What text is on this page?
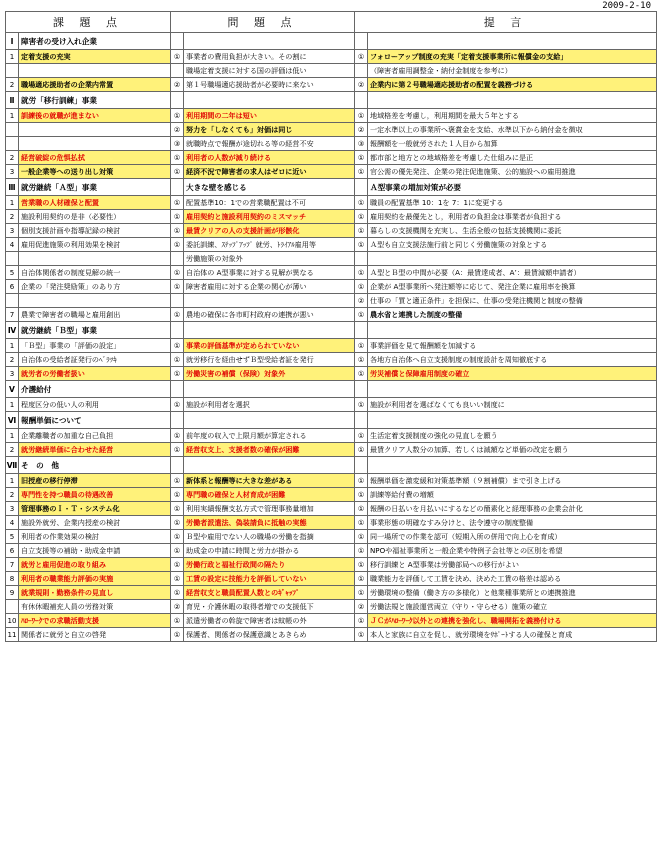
2009-2-10
課 題 点		問 題 点		提 言	
Ⅰ	障害者の受け入れ企業				
1	定着支援の充実	①	事業者の費用負担が大きい。その割に	①	フォローアップ制度の充実「定着支援事業所に報償金の支給」
			職場定着支援に対する国の評価は低い		（障害者雇用調整金・納付金制度を参考に）
2	職場適応援助者の企業内常置	②	第１号職場適応援助者が必要時に来ない	②	企業内に第２号職場適応援助者の配置を義務づける
Ⅱ	就労「移行訓練」事業				
1	訓練後の就職が進まない	①	利用期間の二年は短い	①	地域格差を考慮し，利用期間を最大５年とする
		②	努力を「しなくても」対価は同じ	②	一定水準以上の事業所へ褒賞金を支給、水準以下から納付金を徴収
		③	就職時点で報酬が途切れる等の経営不安	③	報酬額を一般就労された１人目から加算
2	経営破綻の危惧払拭	①	利用者の人数が減り続ける	①	都市部と地方との地域格差を考慮した仕組みに是正
3	一般企業等への送り出し対策	①	経済不況で障害者の求人はゼロに近い	①	官公需の優先発注、企業の発注促進施策、公的施設への雇用推進
Ⅲ	就労継続「Ａ型」事業		大きな壁を感じる		Ａ型事業の増加対策が必要
1	営業職の人材確保と配置	①	配置基準10：1での営業職配置は不可	①	職員の配置基準 10：1を 7：1に変更する
2	施設利用契約の是非（必要性）	①	雇用契約と施設利用契約のミスマッチ	①	雇用契約を最優先とし，利用者の負担金は事業者が負担する
3	個別支援計画や指導記録の検討	①	最賃クリアの人の支援計画が形骸化	①	暮らしの支援機関を充実し、生活全般の包括支援機関に委託
4	雇用促進施策の利用効果を検討	①	委託訓練、ｽﾃｯﾌﾟｱｯﾌﾟ 就労、ﾄﾗｲｱﾙ雇用等	①	Ａ型も自立支援法施行前と同じく労働施策の対象とする
			労働施策の対象外		
5	自治体関係者の制度見解の統一	①	自治体の A型事業に対する見解が異なる	①	Ａ型とＢ型の中間が必要（A：最賃達成者、A’：最賃減額申請者）
6	企業の「発注奨励策」のあり方	①	障害者雇用に対する企業の関心が薄い	①	企業が A型事業所へ発注額等に応じて、発注企業に雇用率を換算
				②	仕事の「質と適正条件」を担保に、仕事の受発注機関と制度の整備
7	農業で障害者の職場と雇用創出	①	農地の確保に各市町村政府の連携が悪い	①	農水省と連携した制度の整備
Ⅳ	就労継続「Ｂ型」事業				
1	「Ｂ型」事業の「評価の設定」	①	事業の評価基準が定められていない	①	事業評価を見て報酬額を加減する
2	自治体の受給者証発行のﾍﾞﾗﾂｷ	①	就労移行を経由せずＢ型受給者証を発行	①	各地方自治体へ自立支援制度の制度設計を周知徹底する
3	就労者の労働者扱い	①	労働災害の補償（保険）対象外	①	労災補償と保障雇用制度の確立
Ⅴ	介護給付				
1	程度区分の低い人の利用	①	施設が利用者を選択	①	施設が利用者を選ばなくても良いい制度に
Ⅵ	報酬単価について				
1	企業離職者の加重な自己負担	①	前年度の収入で上限月額が算定される	①	生活定着支援制度の強化の見直しを願う
2	就労継続単価に合わせた経営	①	経営収支上、支援者数の確保が困難	①	最賃クリア人数分の加算、若しくは減額など単価の改定を願う
Ⅶ	そ　の　他				
1	旧授産の移行停滞	①	新体系と報酬等に大きな差がある	①	報酬単価を激変緩和対策基準額（９割補償）まで引き上げる
2	専門性を持つ職員の待遇改善	①	専門職の確保と人材育成が困難	①	訓練等給付費の増額
3	管理事務のＩ・Ｔ・システム化	①	利用実績報酬支払方式で管理事務量増加	①	報酬の日払いを月払いにするなどの簡素化と経理事務の企業会計化
4	施設外就労、企業内授産の検討	①	労働者派遣法、偽装請負に抵触の実態	①	事業形態の明確なすみ分けと、法令遵守の制度整備
5	利用者の作業効果の検討	①	Ｂ型や雇用でない人の職場の労働を指摘	①	同一場所での作業を認可（短期入所の併用で向上心を育成）
6	自立支援等の補助・助成金申請	①	助成金の申請に時間と労力が掛かる	①	NPOや福祉事業所と一般企業や特例子会社等との区別を希望
7	就労と雇用促進の取り組み	①	労働行政と福祉行政間の隔たり	①	移行訓練と A型事業は労働部局への移行がよい
8	利用者の職業能力評価の実施	①	工賃の設定に技能力を評価していない	①	職業能力を評価して工賃を決め、決めた工賃の格差は認める
9	就業規則・勤務条件の見直し	①	経営収支と職員配置人数とのｷﾞｬｯﾌﾟ	①	労働環境の整備（働き方の多様化）と他業種事業所との連携推進
	有休休暇補充人員の労務対策	②	育児・介護休暇の取得者増での支援低下	②	労働法規と施設運営両立（守り・守らせる）施策の確立
10	ﾊﾛｰﾜｰｸでの求職活動支援	①	派遣労働者の斡旋で障害者は蚊帳の外	①	ＪＣがﾊﾛｰﾜｰｸ以外との連携を強化し、職場開拓を義務付ける
11	関係者に就労と自立の啓発	①	保護者、関係者の保護意識とあきらめ	①	本人と家族に自立を促し、就労環境をｻﾎﾟｰﾄする人の確保と育成
